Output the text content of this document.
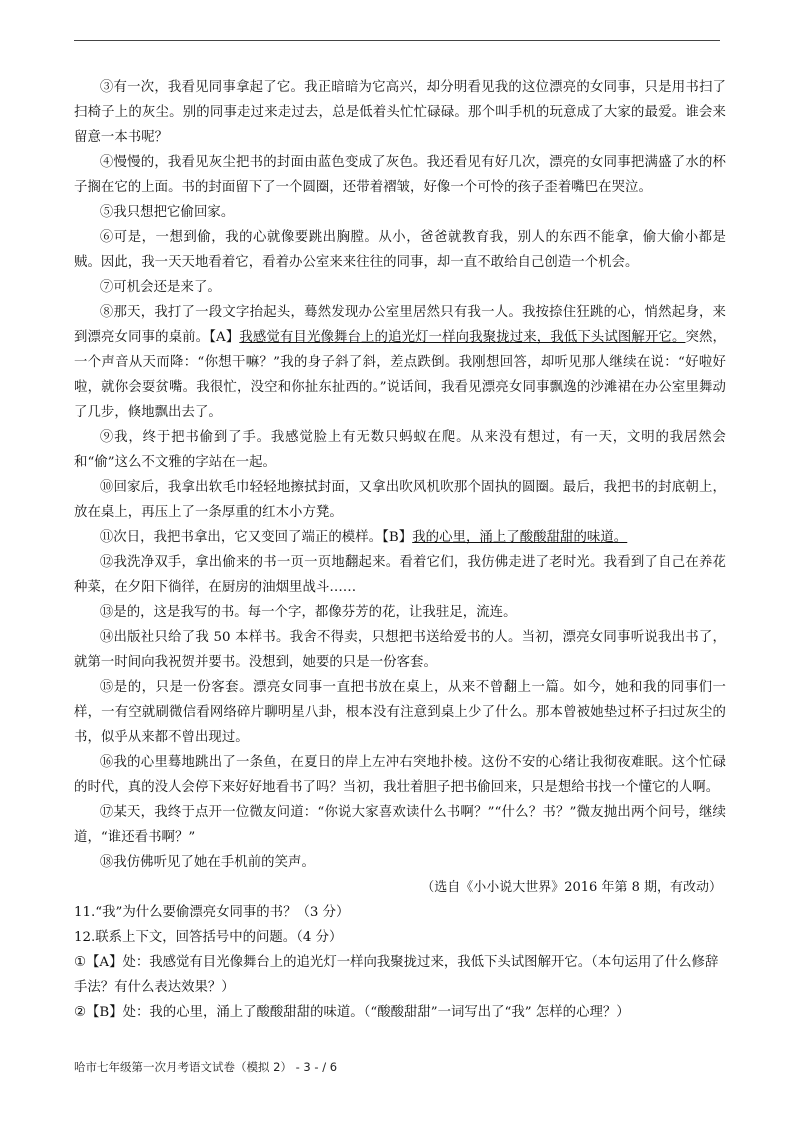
③有一次，我看见同事拿起了它。我正暗暗为它高兴，却分明看见我的这位漂亮的女同事，只是用书扫了扫椅子上的灰尘。别的同事走过来走过去，总是低着头忙忙碌碌。那个叫手机的玩意成了大家的最爱。谁会来留意一本书呢？

④慢慢的，我看见灰尘把书的封面由蓝色变成了灰色。我还看见有好几次，漂亮的女同事把满盛了水的杯子搁在它的上面。书的封面留下了一个圆圈，还带着褶皱，好像一个可怜的孩子歪着嘴巴在哭泣。

⑤我只想把它偷回家。

⑥可是，一想到偷，我的心就像要跳出胸膛。从小，爸爸就教育我，别人的东西不能拿，偷大偷小都是贼。因此，我一天天地看着它，看着办公室来来往往的同事，却一直不敢给自己创造一个机会。

⑦可机会还是来了。

⑧那天，我打了一段文字抬起头，蓦然发现办公室里居然只有我一人。我按捺住狂跳的心，悄然起身，来到漂亮女同事的桌前。【A】我感觉有目光像舞台上的追光灯一样向我聚拢过来，我低下头试图解开它。突然，一个声音从天而降：“你想干嘛？”我的身子斜了斜，差点跌倒。我刚想回答，却听见那人继续在说：“好啦好啦，就你会耍贫嘴。我很忙，没空和你扯东扯西的。”说话间，我看见漂亮女同事飘逸的沙滩裙在办公室里舞动了几步，倏地飘出去了。

⑨我，终于把书偷到了手。我感觉脸上有无数只蚂蚁在爬。从来没有想过，有一天，文明的我居然会和“偷”这么不文雅的字站在一起。

⑩回家后，我拿出软毛巾轻轻地擦拭封面，又拿出吹风机吹那个固执的圆圈。最后，我把书的封底朝上，放在桌上，再压上了一条厚重的红木小方凳。

⑪次日，我把书拿出，它又变回了端正的模样。【B】我的心里，涌上了酸酸甜甜的味道。

⑫我洗净双手，拿出偷来的书一页一页地翻起来。看着它们，我仿佛走进了老时光。我看到了自己在养花种菜，在夕阳下徜徉，在厨房的油烟里战斗……

⑬是的，这是我写的书。每一个字，都像芬芳的花，让我驻足，流连。

⑭出版社只给了我 50 本样书。我舍不得卖，只想把书送给爱书的人。当初，漂亮女同事听说我出书了，就第一时间向我祝贺并要书。没想到，她要的只是一份客套。

⑮是的，只是一份客套。漂亮女同事一直把书放在桌上，从来不曾翻上一篇。如今，她和我的同事们一样，一有空就刷微信看网络碎片聊明星八卦，根本没有注意到桌上少了什么。那本曾被她垫过杯子扫过灰尘的书，似乎从来都不曾出现过。

⑯我的心里蓦地跳出了一条鱼，在夏日的岸上左冲右突地扑棱。这份不安的心绪让我彻夜难眠。这个忙碌的时代，真的没人会停下来好好地看书了吗？当初，我壮着胆子把书偷回来，只是想给书找一个懂它的人啊。

⑰某天，我终于点开一位微友问道：“你说大家喜欢读什么书啊？”“什么？书？”微友抛出两个问号，继续道，“谁还看书啊？”

⑱我仿佛听见了她在手机前的笑声。

（选自《小小说大世界》2016 年第 8 期，有改动）

11.“我”为什么要偷漂亮女同事的书？（3 分）

12.联系上下文，回答括号中的问题。（4 分）

①【A】处：我感觉有目光像舞台上的追光灯一样向我聚拢过来，我低下头试图解开它。（本句运用了什么修辞手法？有什么表达效果？）

②【B】处：我的心里，涌上了酸酸甜甜的味道。（“酸酸甜甜”一词写出了“我” 怎样的心理？）

哈市七年级第一次月考语文试卷（模拟 2） - 3 - / 6
